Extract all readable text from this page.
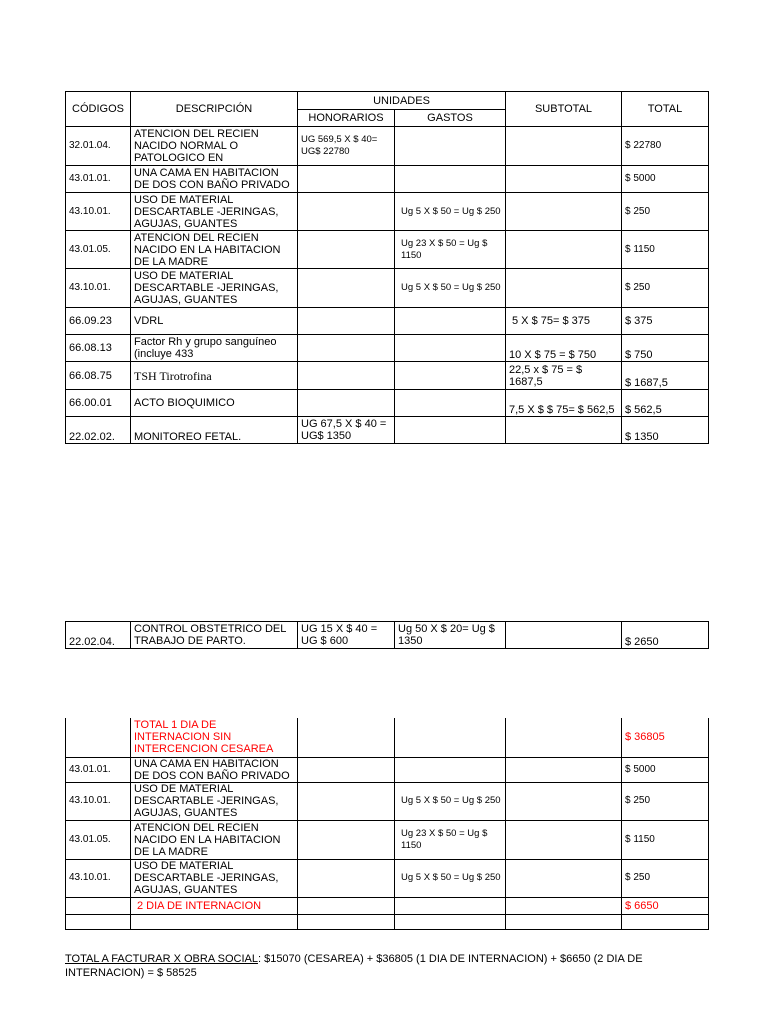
CÓDIGOS	DESCRIPCIÓN	UNIDADES		SUBTOTAL	TOTAL
		HONORARIOS	GASTOS		
32.01.04.	ATENCION DEL RECIEN NACIDO NORMAL O PATOLOGICO EN	UG 569,5 X $ 40= UG$ 22780			$ 22780
43.01.01.	UNA CAMA EN HABITACION DE DOS CON BAÑO PRIVADO				$ 5000
43.10.01.	USO DE MATERIAL DESCARTABLE -JERINGAS, AGUJAS, GUANTES		Ug 5 X $ 50 = Ug $ 250		$ 250
43.01.05.	ATENCION DEL RECIEN NACIDO EN LA HABITACION DE LA MADRE		Ug 23 X $ 50 = Ug $ 1150		$ 1150
43.10.01.	USO DE MATERIAL DESCARTABLE -JERINGAS, AGUJAS, GUANTES		Ug 5 X $ 50 = Ug $ 250		$ 250
66.09.23	VDRL			5 X $ 75= $ 375	$ 375
66.08.13	Factor Rh y grupo sanguíneo (incluye 433			10 X $ 75 = $ 750	$ 750
66.08.75	TSH Tirotrofina			22,5 x $ 75 = $ 1687,5	$ 1687,5
66.00.01	ACTO BIOQUIMICO			7,5 X $ $ 75= $ 562,5	$ 562,5
22.02.02.	MONITOREO FETAL.	UG 67,5 X $ 40 = UG$ 1350			$ 1350
22.02.04.	CONTROL OBSTETRICO DEL TRABAJO DE PARTO.	UG 15 X $ 40 = UG $ 600	Ug 50 X $ 20= Ug $ 1350		$ 2650
	TOTAL 1 DIA DE INTERNACION SIN INTERCENCION CESAREA				$ 36805
43.01.01.	UNA CAMA EN HABITACION DE DOS CON BAÑO PRIVADO				$ 5000
43.10.01.	USO DE MATERIAL DESCARTABLE -JERINGAS, AGUJAS, GUANTES		Ug 5 X $ 50 = Ug $ 250		$ 250
43.01.05.	ATENCION DEL RECIEN NACIDO EN LA HABITACION DE LA MADRE		Ug 23 X $ 50 = Ug $ 1150		$ 1150
43.10.01.	USO DE MATERIAL DESCARTABLE -JERINGAS, AGUJAS, GUANTES		Ug 5 X $ 50 = Ug $ 250		$ 250
	2 DIA DE INTERNACION				$ 6650

TOTAL A FACTURAR X OBRA SOCIAL: $15070 (CESAREA) + $36805 (1 DIA DE INTERNACION) + $6650 (2 DIA DE INTERNACION) = $ 58525
